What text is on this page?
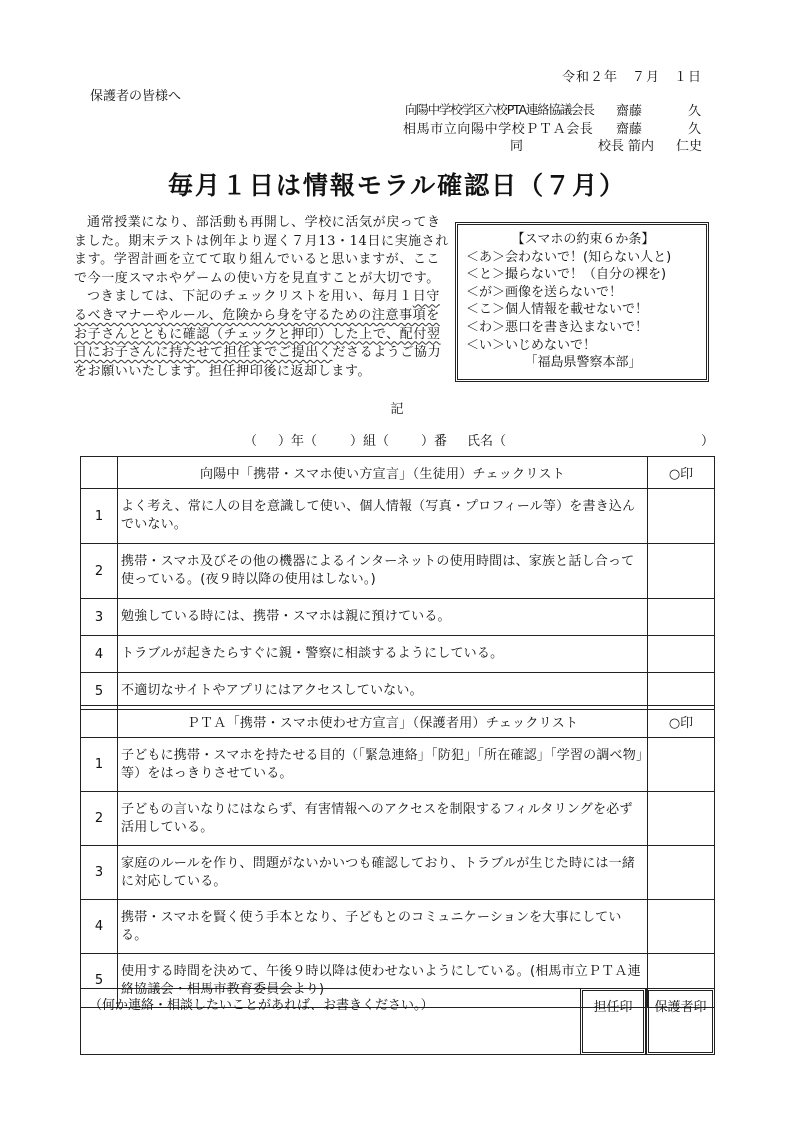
令和２年　７月　１日
保護者の皆様へ
向陽中学校学区六校PTA連絡協議会長 齋藤	久
相馬市立向陽中学校ＰＴＡ会長 齋藤	久
同	校長 箭内 仁史
毎月１日は情報モラル確認日（７月）

通常授業になり、部活動も再開し、学校に活気が戻ってきました。期末テストは例年より遅く７月13・14日に実施されます。学習計画を立てて取り組んでいると思いますが、ここで今一度スマホやゲームの使い方を見直すことが大切です。

つきましては、下記のチェックリストを用い、毎月１日守るべきマナーやルール、危険から身を守るための注意事項をお子さんとともに確認（チェックと押印）した上で、配付翌日にお子さんに持たせて担任までご提出くださるようご協力をお願いいたします。担任押印後に返却します。

【スマホの約束６か条】
＜あ＞会わないで！(知らない人と)
＜と＞撮らないで！（自分の裸を)
＜が＞画像を送らないで！
＜こ＞個人情報を載せないで！
＜わ＞悪口を書き込まないで！
＜い＞いじめないで！
「福島県警察本部」
記
（ ）年（	）組（ ）番 氏名（	）
	向陽中「携帯・スマホ使い方宣言」（生徒用）チェックリスト	○印
1	よく考え、常に人の目を意識して使い、個人情報（写真・プロフィール等）を書き込んでいない。	
2	携帯・スマホ及びその他の機器によるインターネットの使用時間は、家族と話し合って使っている。(夜９時以降の使用はしない。)	
3	勉強している時には、携帯・スマホは親に預けている。	
4	トラブルが起きたらすぐに親・警察に相談するようにしている。	
5	不適切なサイトやアプリにはアクセスしていない。	
	ＰＴＡ「携帯・スマホ使わせ方宣言」（保護者用）チェックリスト	○印
1	子どもに携帯・スマホを持たせる目的（「緊急連絡」「防犯」「所在確認」「学習の調べ物」等）をはっきりさせている。	
2	子どもの言いなりにはならず、有害情報へのアクセスを制限するフィルタリングを必ず活用している。	
3	家庭のルールを作り、問題がないかいつも確認しており、トラブルが生じた時には一緒に対応している。	
4	携帯・スマホを賢く使う手本となり、子どもとのコミュニケーションを大事にしている。	
5	使用する時間を決めて、午後９時以降は使わせないようにしている。(相馬市立ＰＴＡ連絡協議会・相馬市教育委員会より)	
（何か連絡・相談したいことがあれば、お書きください。）	担任印	保護者印
